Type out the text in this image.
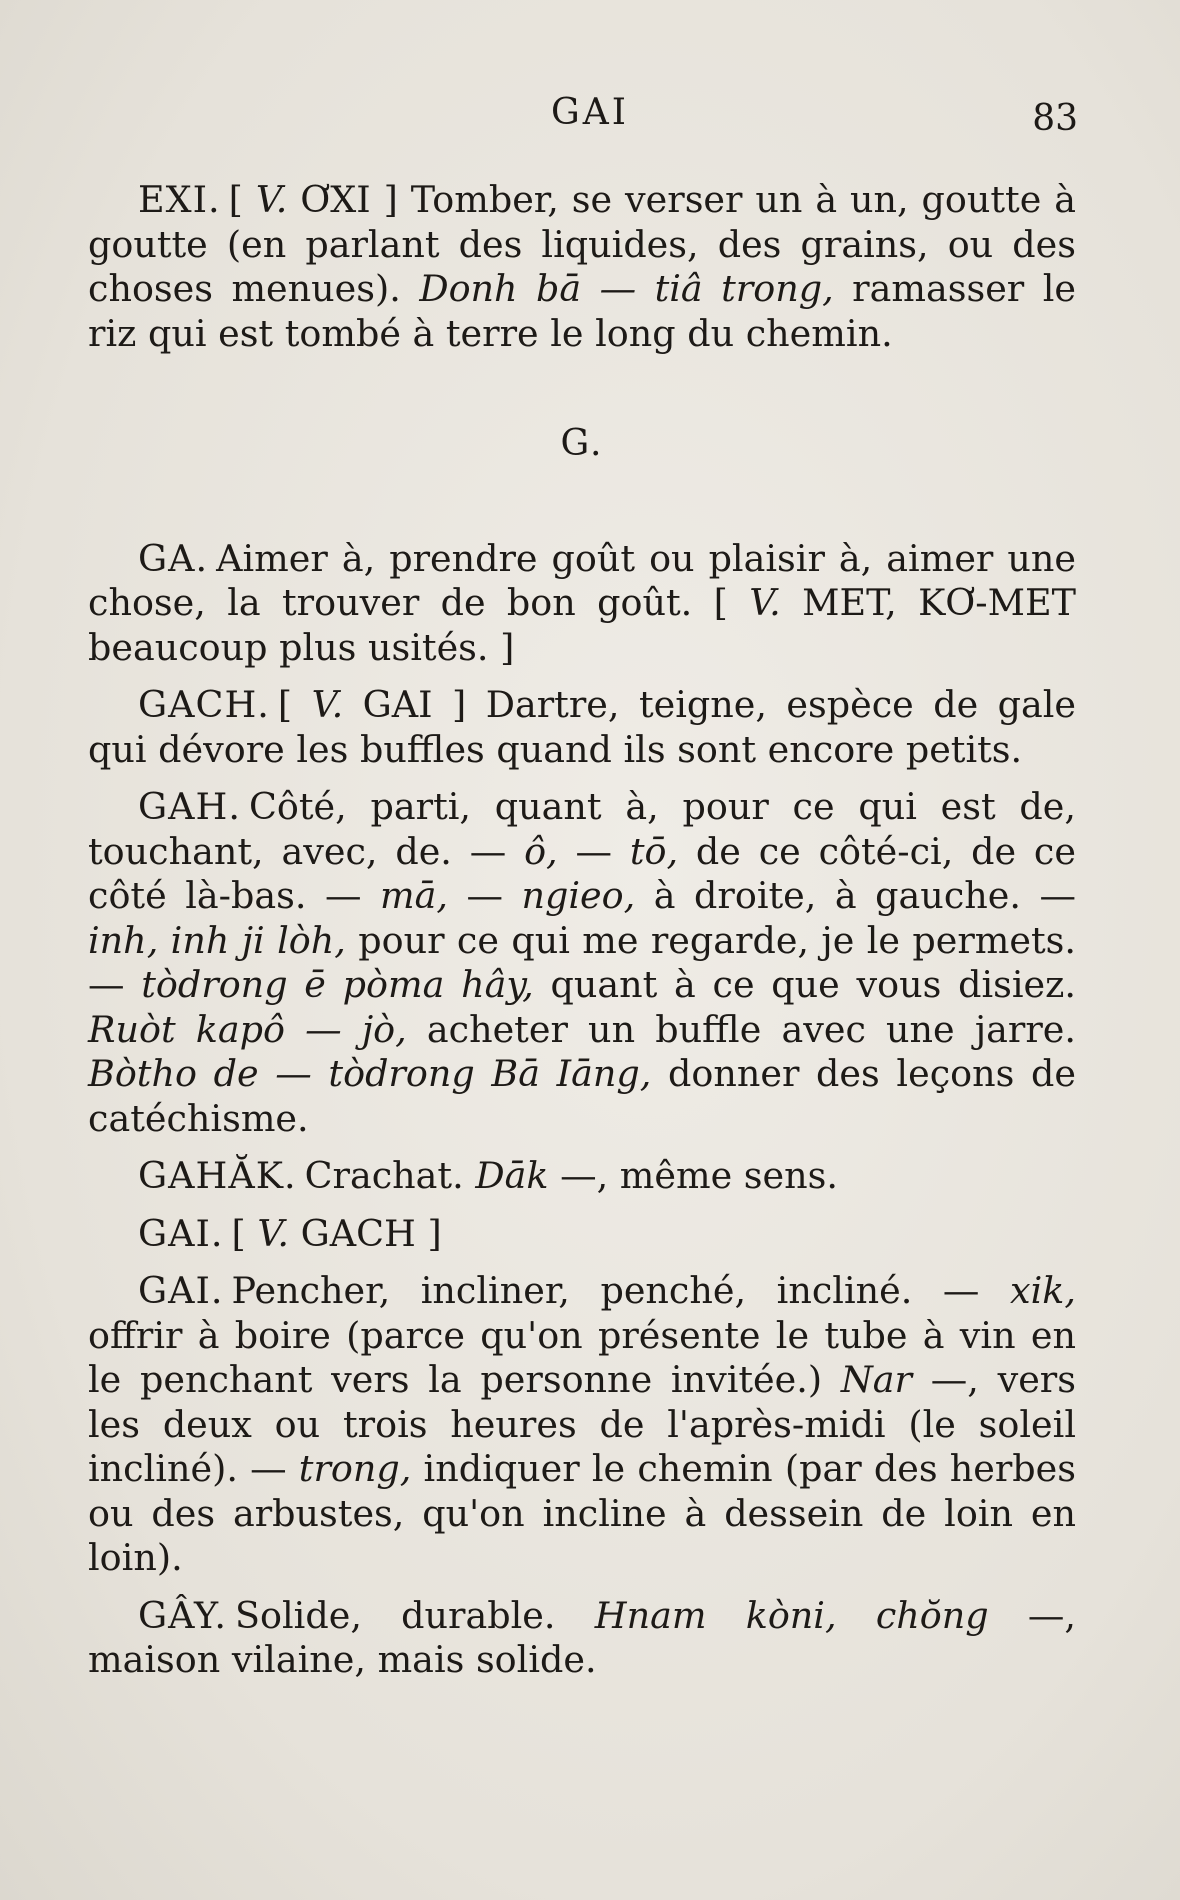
GAI	83

EXI. [ V. ƠXI ] Tomber, se verser un à un, goutte à goutte (en parlant des liquides, des grains, ou des choses menues). Donh bā — tiâ trong, ramasser le riz qui est tombé à terre le long du chemin.

G.

GA. Aimer à, prendre goût ou plaisir à, aimer une chose, la trouver de bon goût. [ V. MET, KƠ-MET beaucoup plus usités. ]

GACH. [ V. GAI ] Dartre, teigne, espèce de gale qui dévore les buffles quand ils sont encore petits.

GAH. Côté, parti, quant à, pour ce qui est de, touchant, avec, de. — ô, — tō, de ce côté-ci, de ce côté là-bas. — mā, — ngieo, à droite, à gauche. — inh, inh ji lòh, pour ce qui me regarde, je le permets. — tòdrong ē pòma hây, quant à ce que vous disiez. Ruòt kapô — jò, acheter un buffle avec une jarre. Bòtho de — tòdrong Bā Iāng, donner des leçons de catéchisme.

GAHĂK. Crachat. Dāk —, même sens.

GAI. [ V. GACH ]

GAI. Pencher, incliner, penché, incliné. — xik, offrir à boire (parce qu'on présente le tube à vin en le penchant vers la personne invitée.) Nar —, vers les deux ou trois heures de l'après-midi (le soleil incliné). — trong, indiquer le chemin (par des herbes ou des arbustes, qu'on incline à dessein de loin en loin).

GÂY. Solide, durable. Hnam kòni, chŏng —, maison vilaine, mais solide.
